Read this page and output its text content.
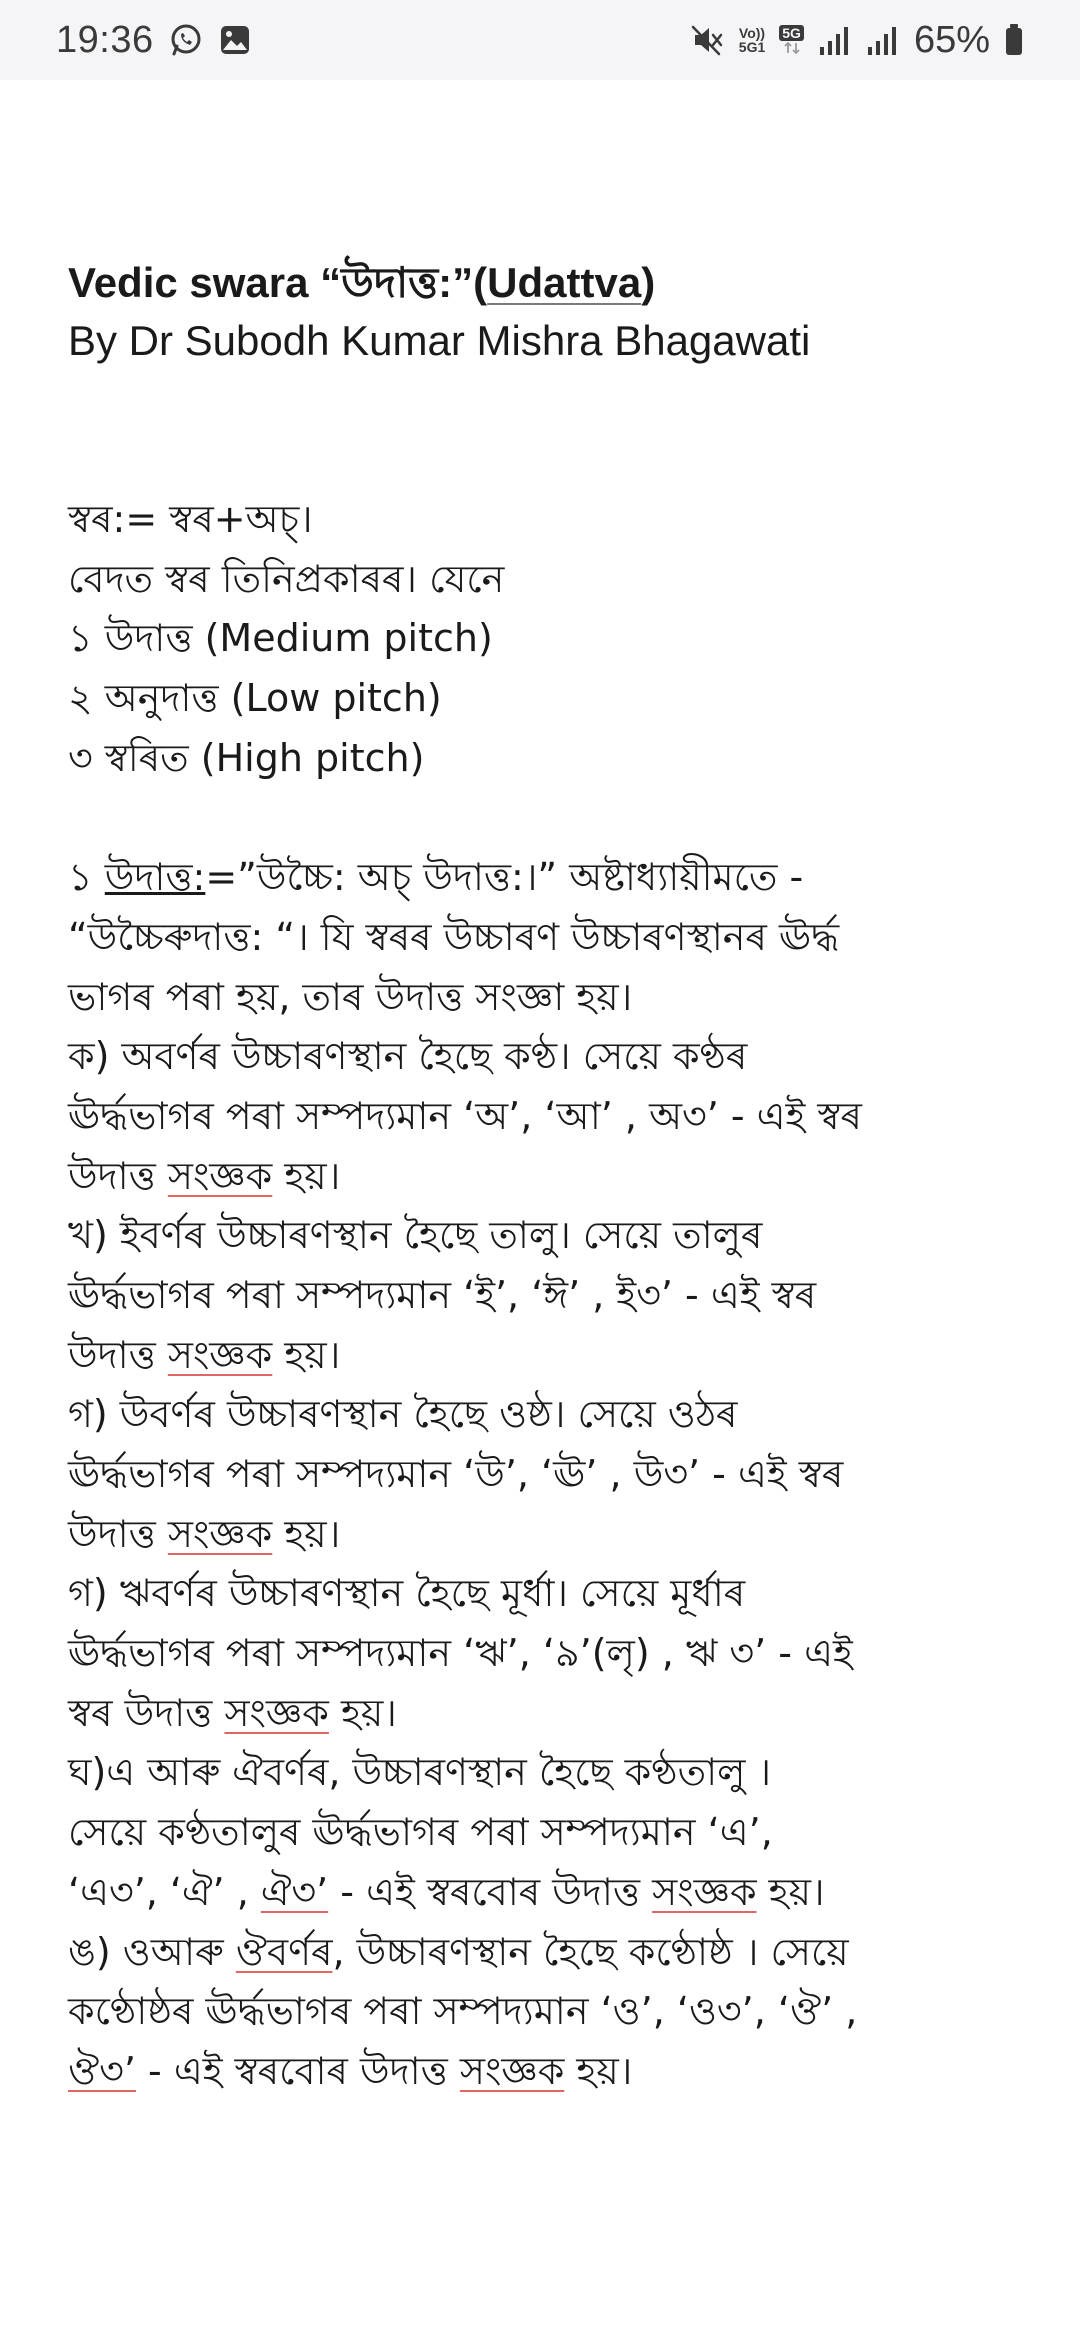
19:36	Vo))
5G1
5G	65%

Vedic swara “উদাত্ত:”(Udattva)

By Dr Subodh Kumar Mishra Bhagawati

স্বৰ:= স্বৰ+অচ্।
বেদত স্বৰ তিনিপ্ৰকাৰৰ। যেনে
১ উদাত্ত (Medium pitch)
২ অনুদাত্ত (Low pitch)
৩ স্বৰিত (High pitch)
১ উদাত্ত:=”উচ্চৈ: অচ্ উদাত্ত:।” অষ্টাধ্যায়ীমতে -
“উচ্চৈৰুদাত্ত: “। যি স্বৰৰ উচ্চাৰণ উচ্চাৰণস্থানৰ ঊৰ্দ্ধ
ভাগৰ পৰা হয়, তাৰ উদাত্ত সংজ্ঞা হয়।
ক) অবৰ্ণৰ উচ্চাৰণস্থান হৈছে কণ্ঠ। সেয়ে কণ্ঠৰ
ঊৰ্দ্ধভাগৰ পৰা সম্পদ্যমান ‘অ’, ‘আ’ , অ৩’ - এই স্বৰ
উদাত্ত সংজ্ঞক হয়।
খ) ইবৰ্ণৰ উচ্চাৰণস্থান হৈছে তালু। সেয়ে তালুৰ
ঊৰ্দ্ধভাগৰ পৰা সম্পদ্যমান ‘ই’, ‘ঈ’ , ই৩’ - এই স্বৰ
উদাত্ত সংজ্ঞক হয়।
গ) উবৰ্ণৰ উচ্চাৰণস্থান হৈছে ওষ্ঠ। সেয়ে ওঠৰ
ঊৰ্দ্ধভাগৰ পৰা সম্পদ্যমান ‘উ’, ‘ঊ’ , উ৩’ - এই স্বৰ
উদাত্ত সংজ্ঞক হয়।
গ) ঋবৰ্ণৰ উচ্চাৰণস্থান হৈছে মূৰ্ধা। সেয়ে মূৰ্ধাৰ
ঊৰ্দ্ধভাগৰ পৰা সম্পদ্যমান ‘ঋ’, ‘৯’(লৃ) , ঋ ৩’ - এই
স্বৰ উদাত্ত সংজ্ঞক হয়।
ঘ)এ আৰু ঐবৰ্ণৰ, উচ্চাৰণস্থান হৈছে কণ্ঠতালু ।
সেয়ে কণ্ঠতালুৰ ঊৰ্দ্ধভাগৰ পৰা সম্পদ্যমান ‘এ’,
‘এ৩’, ‘ঐ’ , ঐ৩’ - এই স্বৰবোৰ উদাত্ত সংজ্ঞক হয়।
ঙ) ওআৰু ঔবৰ্ণৰ, উচ্চাৰণস্থান হৈছে কণ্ঠোষ্ঠ । সেয়ে
কণ্ঠোষ্ঠৰ ঊৰ্দ্ধভাগৰ পৰা সম্পদ্যমান ‘ও’, ‘ও৩’, ‘ঔ’ ,
ঔ৩’ - এই স্বৰবোৰ উদাত্ত সংজ্ঞক হয়।
